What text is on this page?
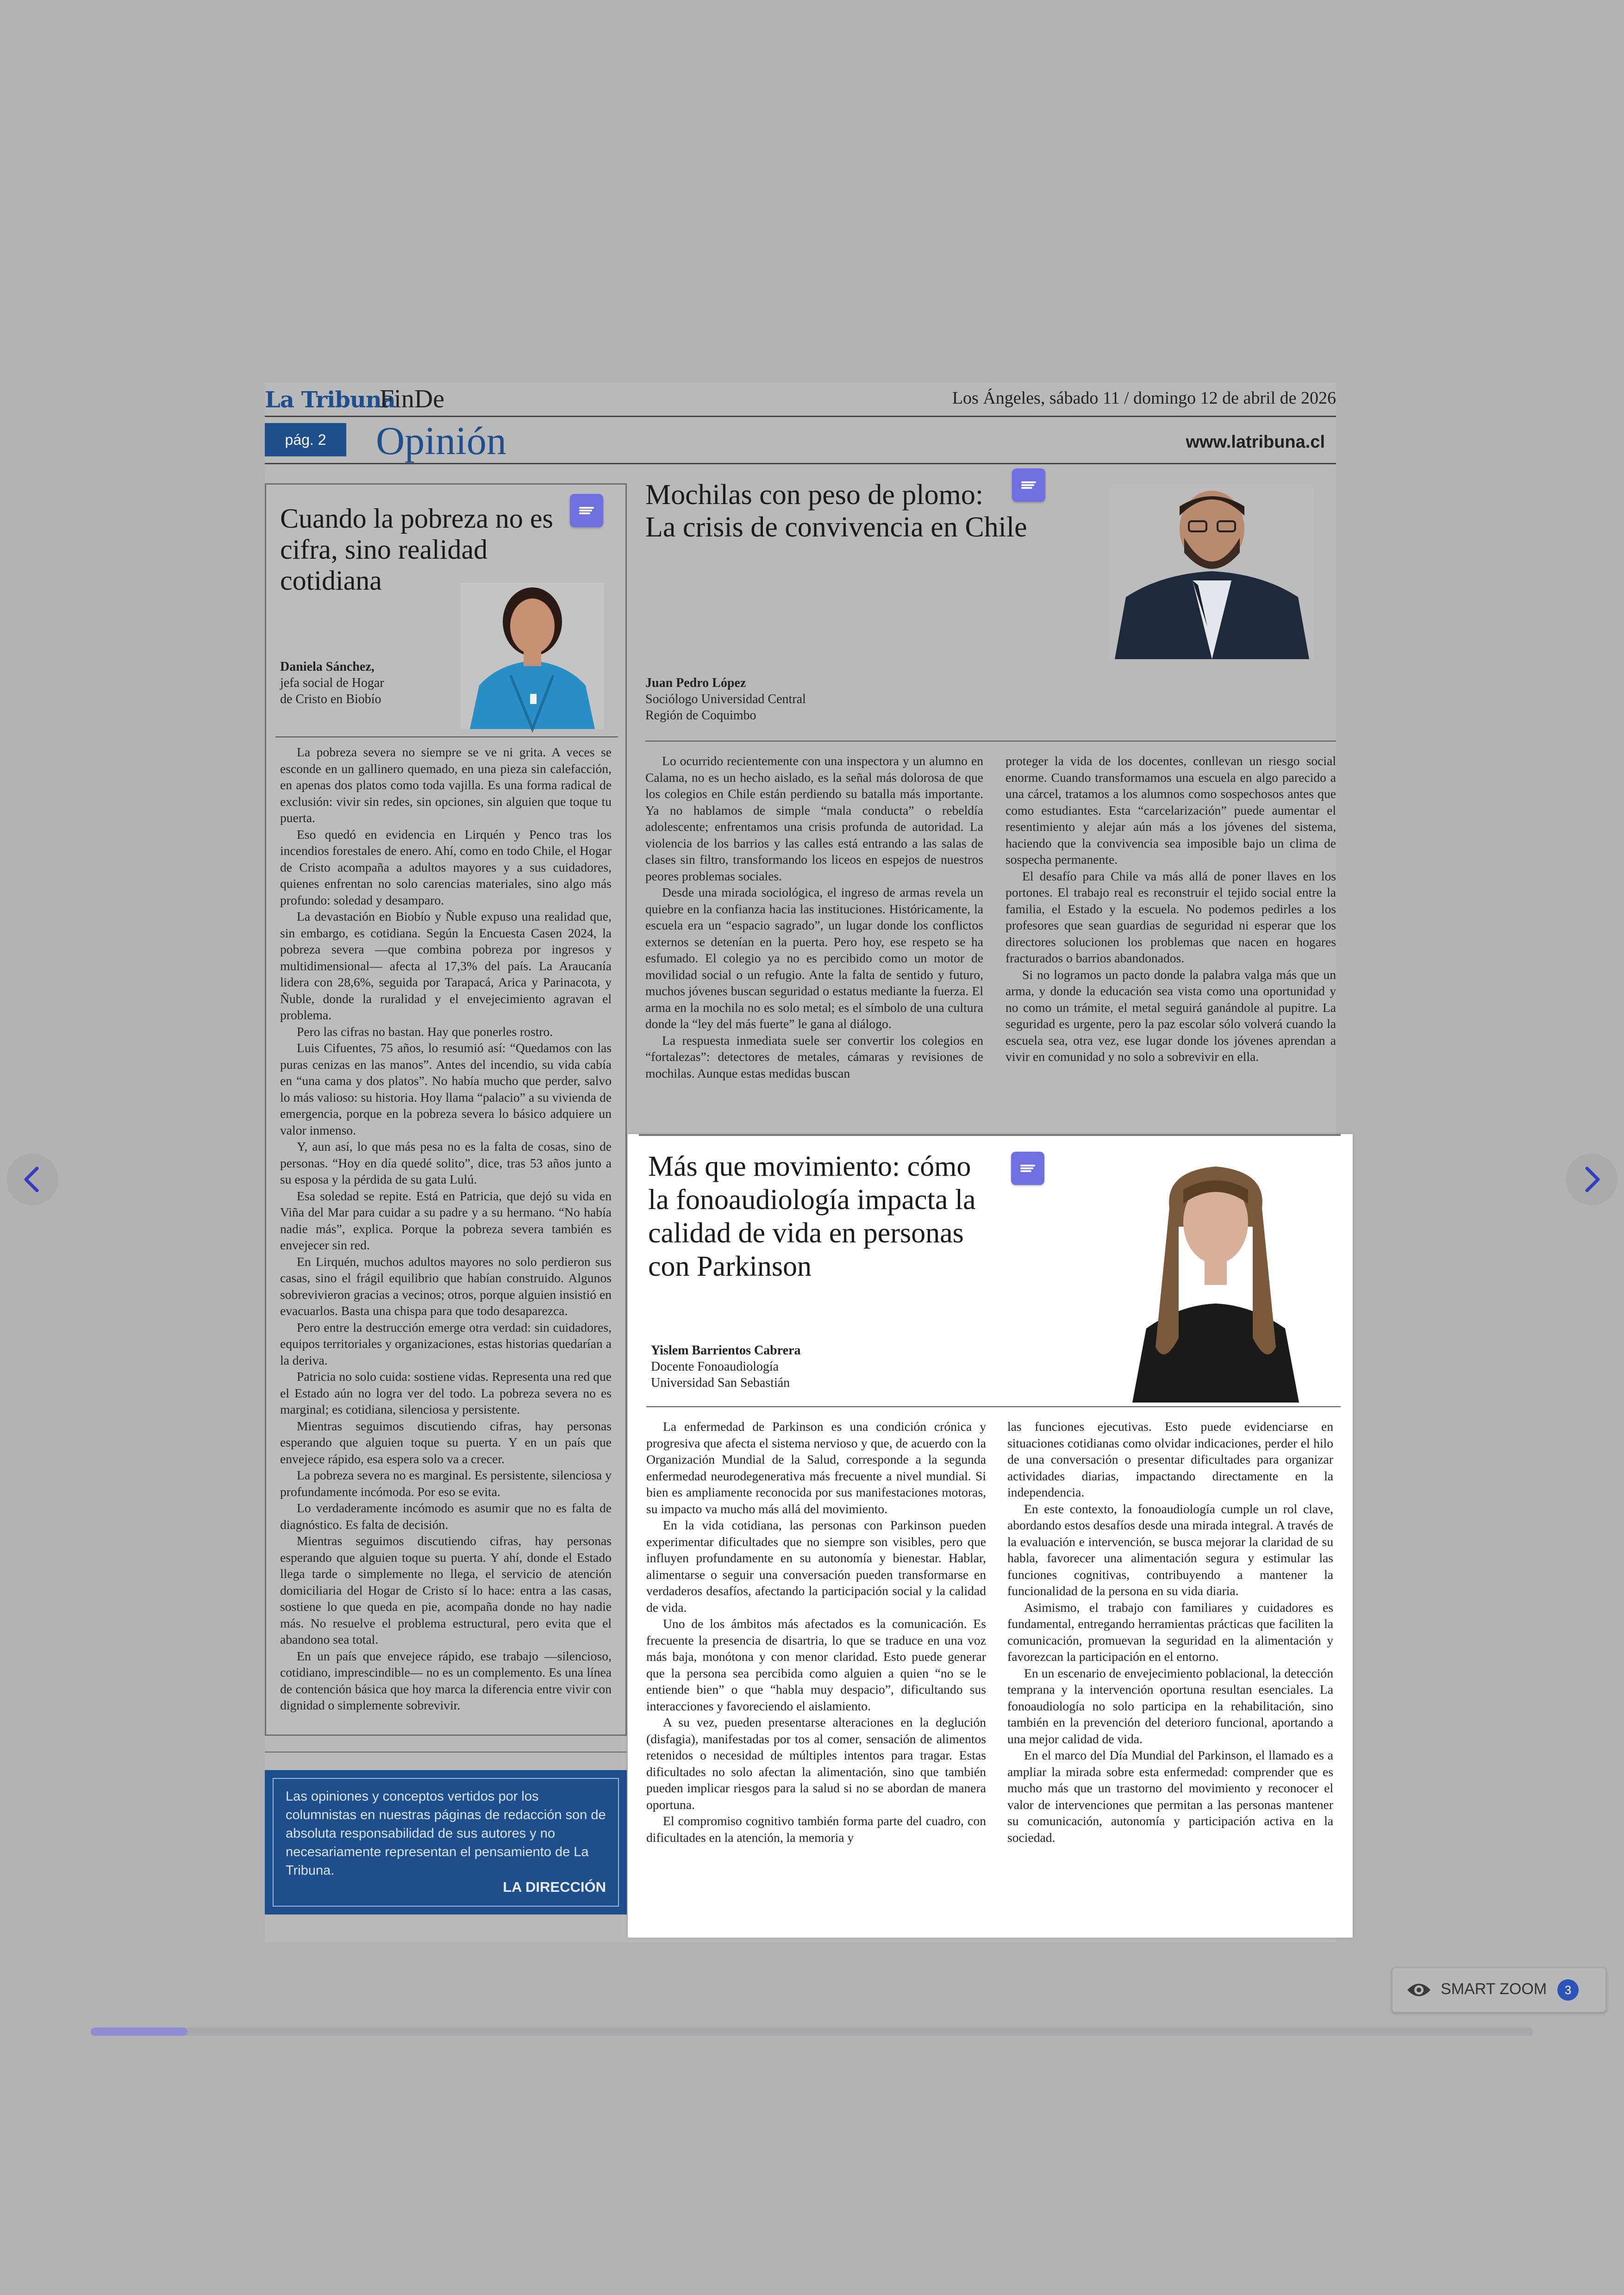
La Tribuna
FinDe	Los Ángeles, sábado 11 / domingo 12 de abril de 2026
pág. 2	Opinión	www.latribuna.cl
Cuando la pobreza no es cifra, sino realidad cotidiana
Daniela Sánchez,
jefa social de Hogar
de Cristo en Biobío

La pobreza severa no siempre se ve ni grita. A veces se esconde en un gallinero quemado, en una pieza sin calefacción, en apenas dos platos como toda vajilla. Es una forma radical de exclusión: vivir sin redes, sin opciones, sin alguien que toque tu puerta.

Eso quedó en evidencia en Lirquén y Penco tras los incendios forestales de enero. Ahí, como en todo Chile, el Hogar de Cristo acompaña a adultos mayores y a sus cuidadores, quienes enfrentan no solo carencias materiales, sino algo más profundo: soledad y desamparo.

La devastación en Biobío y Ñuble expuso una realidad que, sin embargo, es cotidiana. Según la Encuesta Casen 2024, la pobreza severa —que combina pobreza por ingresos y multidimensional— afecta al 17,3% del país. La Araucanía lidera con 28,6%, seguida por Tarapacá, Arica y Parinacota, y Ñuble, donde la ruralidad y el envejecimiento agravan el problema.

Pero las cifras no bastan. Hay que ponerles rostro.

Luis Cifuentes, 75 años, lo resumió así: “Quedamos con las puras cenizas en las manos”. Antes del incendio, su vida cabía en “una cama y dos platos”. No había mucho que perder, salvo lo más valioso: su historia. Hoy llama “palacio” a su vivienda de emergencia, porque en la pobreza severa lo básico adquiere un valor inmenso.

Y, aun así, lo que más pesa no es la falta de cosas, sino de personas. “Hoy en día quedé solito”, dice, tras 53 años junto a su esposa y la pérdida de su gata Lulú.

Esa soledad se repite. Está en Patricia, que dejó su vida en Viña del Mar para cuidar a su padre y a su hermano. “No había nadie más”, explica. Porque la pobreza severa también es envejecer sin red.

En Lirquén, muchos adultos mayores no solo perdieron sus casas, sino el frágil equilibrio que habían construido. Algunos sobrevivieron gracias a vecinos; otros, porque alguien insistió en evacuarlos. Basta una chispa para que todo desaparezca.

Pero entre la destrucción emerge otra verdad: sin cuidadores, equipos territoriales y organizaciones, estas historias quedarían a la deriva.

Patricia no solo cuida: sostiene vidas. Representa una red que el Estado aún no logra ver del todo. La pobreza severa no es marginal; es cotidiana, silenciosa y persistente.

Mientras seguimos discutiendo cifras, hay personas esperando que alguien toque su puerta. Y en un país que envejece rápido, esa espera solo va a crecer.

La pobreza severa no es marginal. Es persistente, silenciosa y profundamente incómoda. Por eso se evita.

Lo verdaderamente incómodo es asumir que no es falta de diagnóstico. Es falta de decisión.

Mientras seguimos discutiendo cifras, hay personas esperando que alguien toque su puerta. Y ahí, donde el Estado llega tarde o simplemente no llega, el servicio de atención domiciliaria del Hogar de Cristo sí lo hace: entra a las casas, sostiene lo que queda en pie, acompaña donde no hay nadie más. No resuelve el problema estructural, pero evita que el abandono sea total.

En un país que envejece rápido, ese trabajo —silencioso, cotidiano, imprescindible— no es un complemento. Es una línea de contención básica que hoy marca la diferencia entre vivir con dignidad o simplemente sobrevivir.

Las opiniones y conceptos vertidos por los columnistas en nuestras páginas de redacción son de absoluta responsabilidad de sus autores y no necesariamente representan el pensamiento de La Tribuna.
LA DIRECCIÓN
Mochilas con peso de plomo:
La crisis de convivencia en Chile
Juan Pedro López
Sociólogo Universidad Central
Región de Coquimbo

Lo ocurrido recientemente con una inspectora y un alumno en Calama, no es un hecho aislado, es la señal más dolorosa de que los colegios en Chile están perdiendo su batalla más importante. Ya no hablamos de simple “mala conducta” o rebeldía adolescente; enfrentamos una crisis profunda de autoridad. La violencia de los barrios y las calles está entrando a las salas de clases sin filtro, transformando los liceos en espejos de nuestros peores problemas sociales.

Desde una mirada sociológica, el ingreso de armas revela un quiebre en la confianza hacia las instituciones. Históricamente, la escuela era un “espacio sagrado”, un lugar donde los conflictos externos se detenían en la puerta. Pero hoy, ese respeto se ha esfumado. El colegio ya no es percibido como un motor de movilidad social o un refugio. Ante la falta de sentido y futuro, muchos jóvenes buscan seguridad o estatus mediante la fuerza. El arma en la mochila no es solo metal; es el símbolo de una cultura donde la “ley del más fuerte” le gana al diálogo.

La respuesta inmediata suele ser convertir los colegios en “fortalezas”: detectores de metales, cámaras y revisiones de mochilas. Aunque estas medidas buscan

proteger la vida de los docentes, conllevan un riesgo social enorme. Cuando transformamos una escuela en algo parecido a una cárcel, tratamos a los alumnos como sospechosos antes que como estudiantes. Esta “carcelarización” puede aumentar el resentimiento y alejar aún más a los jóvenes del sistema, haciendo que la convivencia sea imposible bajo un clima de sospecha permanente.

El desafío para Chile va más allá de poner llaves en los portones. El trabajo real es reconstruir el tejido social entre la familia, el Estado y la escuela. No podemos pedirles a los profesores que sean guardias de seguridad ni esperar que los directores solucionen los problemas que nacen en hogares fracturados o barrios abandonados.

Si no logramos un pacto donde la palabra valga más que un arma, y donde la educación sea vista como una oportunidad y no como un trámite, el metal seguirá ganándole al pupitre. La seguridad es urgente, pero la paz escolar sólo volverá cuando la escuela sea, otra vez, ese lugar donde los jóvenes aprendan a vivir en comunidad y no solo a sobrevivir en ella.

Más que movimiento: cómo
la fonoaudiología impacta la
calidad de vida en personas
con Parkinson
Yislem Barrientos Cabrera
Docente Fonoaudiología
Universidad San Sebastián

La enfermedad de Parkinson es una condición crónica y progresiva que afecta el sistema nervioso y que, de acuerdo con la Organización Mundial de la Salud, corresponde a la segunda enfermedad neurodegenerativa más frecuente a nivel mundial. Si bien es ampliamente reconocida por sus manifestaciones motoras, su impacto va mucho más allá del movimiento.

En la vida cotidiana, las personas con Parkinson pueden experimentar dificultades que no siempre son visibles, pero que influyen profundamente en su autonomía y bienestar. Hablar, alimentarse o seguir una conversación pueden transformarse en verdaderos desafíos, afectando la participación social y la calidad de vida.

Uno de los ámbitos más afectados es la comunicación. Es frecuente la presencia de disartria, lo que se traduce en una voz más baja, monótona y con menor claridad. Esto puede generar que la persona sea percibida como alguien a quien “no se le entiende bien” o que “habla muy despacio”, dificultando sus interacciones y favoreciendo el aislamiento.

A su vez, pueden presentarse alteraciones en la deglución (disfagia), manifestadas por tos al comer, sensación de alimentos retenidos o necesidad de múltiples intentos para tragar. Estas dificultades no solo afectan la alimentación, sino que también pueden implicar riesgos para la salud si no se abordan de manera oportuna.

El compromiso cognitivo también forma parte del cuadro, con dificultades en la atención, la memoria y

las funciones ejecutivas. Esto puede evidenciarse en situaciones cotidianas como olvidar indicaciones, perder el hilo de una conversación o presentar dificultades para organizar actividades diarias, impactando directamente en la independencia.

En este contexto, la fonoaudiología cumple un rol clave, abordando estos desafíos desde una mirada integral. A través de la evaluación e intervención, se busca mejorar la claridad de su habla, favorecer una alimentación segura y estimular las funciones cognitivas, contribuyendo a mantener la funcionalidad de la persona en su vida diaria.

Asimismo, el trabajo con familiares y cuidadores es fundamental, entregando herramientas prácticas que faciliten la comunicación, promuevan la seguridad en la alimentación y favorezcan la participación en el entorno.

En un escenario de envejecimiento poblacional, la detección temprana y la intervención oportuna resultan esenciales. La fonoaudiología no solo participa en la rehabilitación, sino también en la prevención del deterioro funcional, aportando a una mejor calidad de vida.

En el marco del Día Mundial del Parkinson, el llamado es a ampliar la mirada sobre esta enfermedad: comprender que es mucho más que un trastorno del movimiento y reconocer el valor de intervenciones que permitan a las personas mantener su comunicación, autonomía y participación activa en la sociedad.

SMART ZOOM	3
